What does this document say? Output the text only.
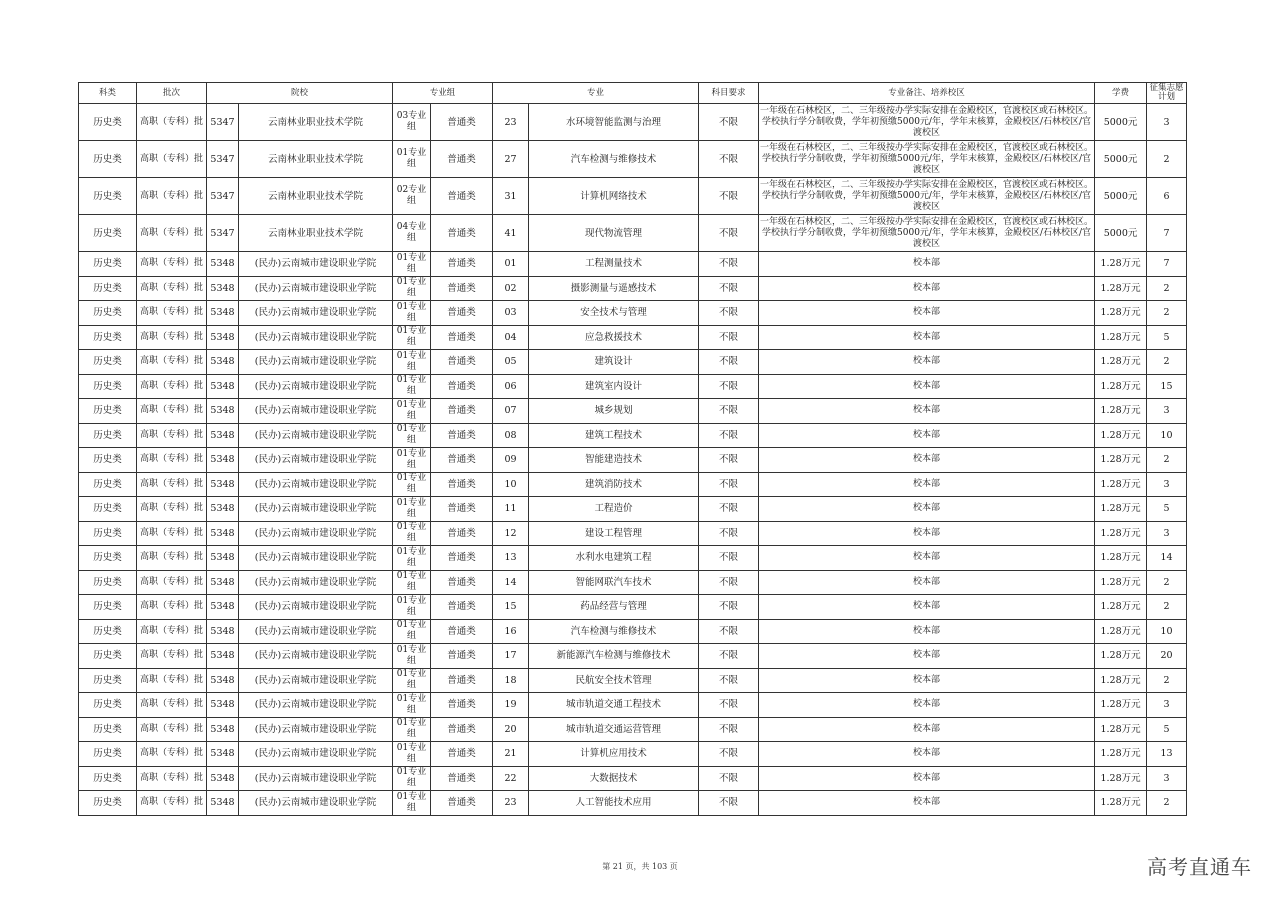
科类	批次	院校		专业组		专业		科目要求	专业备注、培养校区	学费	征集志愿计划
历史类	高职（专科）批	5347	云南林业职业技术学院	03专业组	普通类	23	水环境智能监测与治理	不限	一年级在石林校区，二、三年级按办学实际安排在金殿校区，官渡校区或石林校区。学校执行学分制收费，学年初预缴5000元/年，学年末核算，金殿校区/石林校区/官渡校区	5000元	3
历史类	高职（专科）批	5347	云南林业职业技术学院	01专业组	普通类	27	汽车检测与维修技术	不限	一年级在石林校区，二、三年级按办学实际安排在金殿校区，官渡校区或石林校区。学校执行学分制收费，学年初预缴5000元/年，学年末核算，金殿校区/石林校区/官渡校区	5000元	2
历史类	高职（专科）批	5347	云南林业职业技术学院	02专业组	普通类	31	计算机网络技术	不限	一年级在石林校区，二、三年级按办学实际安排在金殿校区，官渡校区或石林校区。学校执行学分制收费，学年初预缴5000元/年，学年末核算，金殿校区/石林校区/官渡校区	5000元	6
历史类	高职（专科）批	5347	云南林业职业技术学院	04专业组	普通类	41	现代物流管理	不限	一年级在石林校区，二、三年级按办学实际安排在金殿校区，官渡校区或石林校区。学校执行学分制收费，学年初预缴5000元/年，学年末核算，金殿校区/石林校区/官渡校区	5000元	7
历史类	高职（专科）批	5348	(民办)云南城市建设职业学院	01专业组	普通类	01	工程测量技术	不限	校本部	1.28万元	7
历史类	高职（专科）批	5348	(民办)云南城市建设职业学院	01专业组	普通类	02	摄影测量与遥感技术	不限	校本部	1.28万元	2
历史类	高职（专科）批	5348	(民办)云南城市建设职业学院	01专业组	普通类	03	安全技术与管理	不限	校本部	1.28万元	2
历史类	高职（专科）批	5348	(民办)云南城市建设职业学院	01专业组	普通类	04	应急救援技术	不限	校本部	1.28万元	5
历史类	高职（专科）批	5348	(民办)云南城市建设职业学院	01专业组	普通类	05	建筑设计	不限	校本部	1.28万元	2
历史类	高职（专科）批	5348	(民办)云南城市建设职业学院	01专业组	普通类	06	建筑室内设计	不限	校本部	1.28万元	15
历史类	高职（专科）批	5348	(民办)云南城市建设职业学院	01专业组	普通类	07	城乡规划	不限	校本部	1.28万元	3
历史类	高职（专科）批	5348	(民办)云南城市建设职业学院	01专业组	普通类	08	建筑工程技术	不限	校本部	1.28万元	10
历史类	高职（专科）批	5348	(民办)云南城市建设职业学院	01专业组	普通类	09	智能建造技术	不限	校本部	1.28万元	2
历史类	高职（专科）批	5348	(民办)云南城市建设职业学院	01专业组	普通类	10	建筑消防技术	不限	校本部	1.28万元	3
历史类	高职（专科）批	5348	(民办)云南城市建设职业学院	01专业组	普通类	11	工程造价	不限	校本部	1.28万元	5
历史类	高职（专科）批	5348	(民办)云南城市建设职业学院	01专业组	普通类	12	建设工程管理	不限	校本部	1.28万元	3
历史类	高职（专科）批	5348	(民办)云南城市建设职业学院	01专业组	普通类	13	水利水电建筑工程	不限	校本部	1.28万元	14
历史类	高职（专科）批	5348	(民办)云南城市建设职业学院	01专业组	普通类	14	智能网联汽车技术	不限	校本部	1.28万元	2
历史类	高职（专科）批	5348	(民办)云南城市建设职业学院	01专业组	普通类	15	药品经营与管理	不限	校本部	1.28万元	2
历史类	高职（专科）批	5348	(民办)云南城市建设职业学院	01专业组	普通类	16	汽车检测与维修技术	不限	校本部	1.28万元	10
历史类	高职（专科）批	5348	(民办)云南城市建设职业学院	01专业组	普通类	17	新能源汽车检测与维修技术	不限	校本部	1.28万元	20
历史类	高职（专科）批	5348	(民办)云南城市建设职业学院	01专业组	普通类	18	民航安全技术管理	不限	校本部	1.28万元	2
历史类	高职（专科）批	5348	(民办)云南城市建设职业学院	01专业组	普通类	19	城市轨道交通工程技术	不限	校本部	1.28万元	3
历史类	高职（专科）批	5348	(民办)云南城市建设职业学院	01专业组	普通类	20	城市轨道交通运营管理	不限	校本部	1.28万元	5
历史类	高职（专科）批	5348	(民办)云南城市建设职业学院	01专业组	普通类	21	计算机应用技术	不限	校本部	1.28万元	13
历史类	高职（专科）批	5348	(民办)云南城市建设职业学院	01专业组	普通类	22	大数据技术	不限	校本部	1.28万元	3
历史类	高职（专科）批	5348	(民办)云南城市建设职业学院	01专业组	普通类	23	人工智能技术应用	不限	校本部	1.28万元	2
第 21 页，共 103 页	高考直通车
